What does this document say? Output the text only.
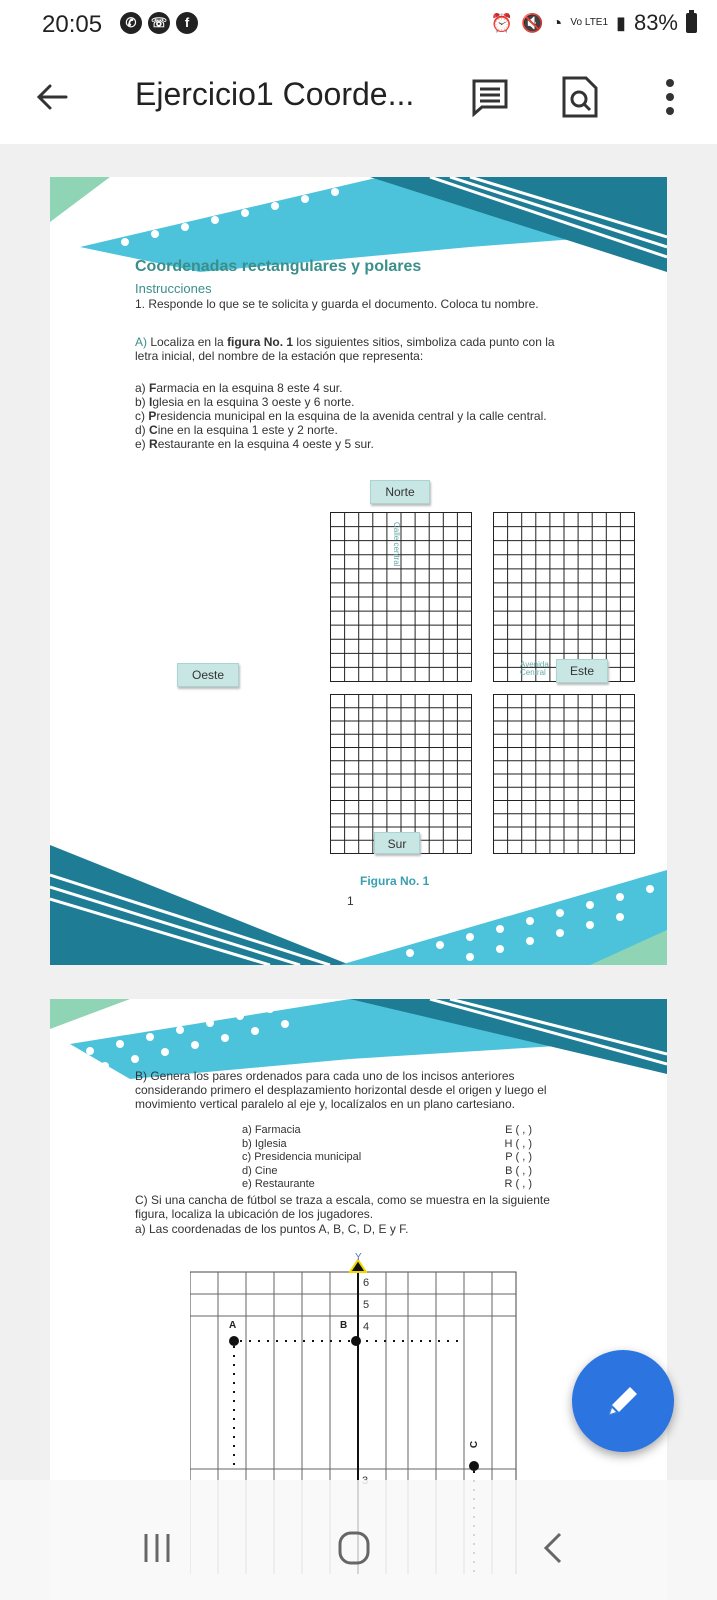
20:05	✆	☏	f	⏰ 🔇 ◔ Vo LTE1 ▮ 83%
Ejercicio1 Coorde...
Coordenadas rectangulares y polares
Instrucciones
1. Responde lo que se te solicita y guarda el documento. Coloca tu nombre.
A) Localiza en la figura No. 1 los siguientes sitios, simboliza cada punto con la letra inicial, del nombre de la estación que representa:
a) Farmacia en la esquina 8 este 4 sur.
b) Iglesia en la esquina 3 oeste y 6 norte.
c) Presidencia municipal en la esquina de la avenida central y la calle central.
d) Cine en la esquina 1 este y 2 norte.
e) Restaurante en la esquina 4 oeste y 5 sur.
Norte
Calle central
Avenida Central
Oeste	Este
Sur
Figura No. 1
1
B) Genera los pares ordenados para cada uno de los incisos anteriores considerando primero el desplazamiento horizontal desde el origen y luego el movimiento vertical paralelo al eje y, localízalos en un plano cartesiano.
a) Farmacia	E ( , )
b) Iglesia	H ( , )
c) Presidencia municipal	P ( , )
d) Cine	B ( , )
e) Restaurante	R ( , )
C) Si una cancha de fútbol se traza a escala, como se muestra en la siguiente figura, localiza la ubicación de los jugadores.
a) Las coordenadas de los puntos A, B, C, D, E y F.
Y
6
5
4
A	B
C
